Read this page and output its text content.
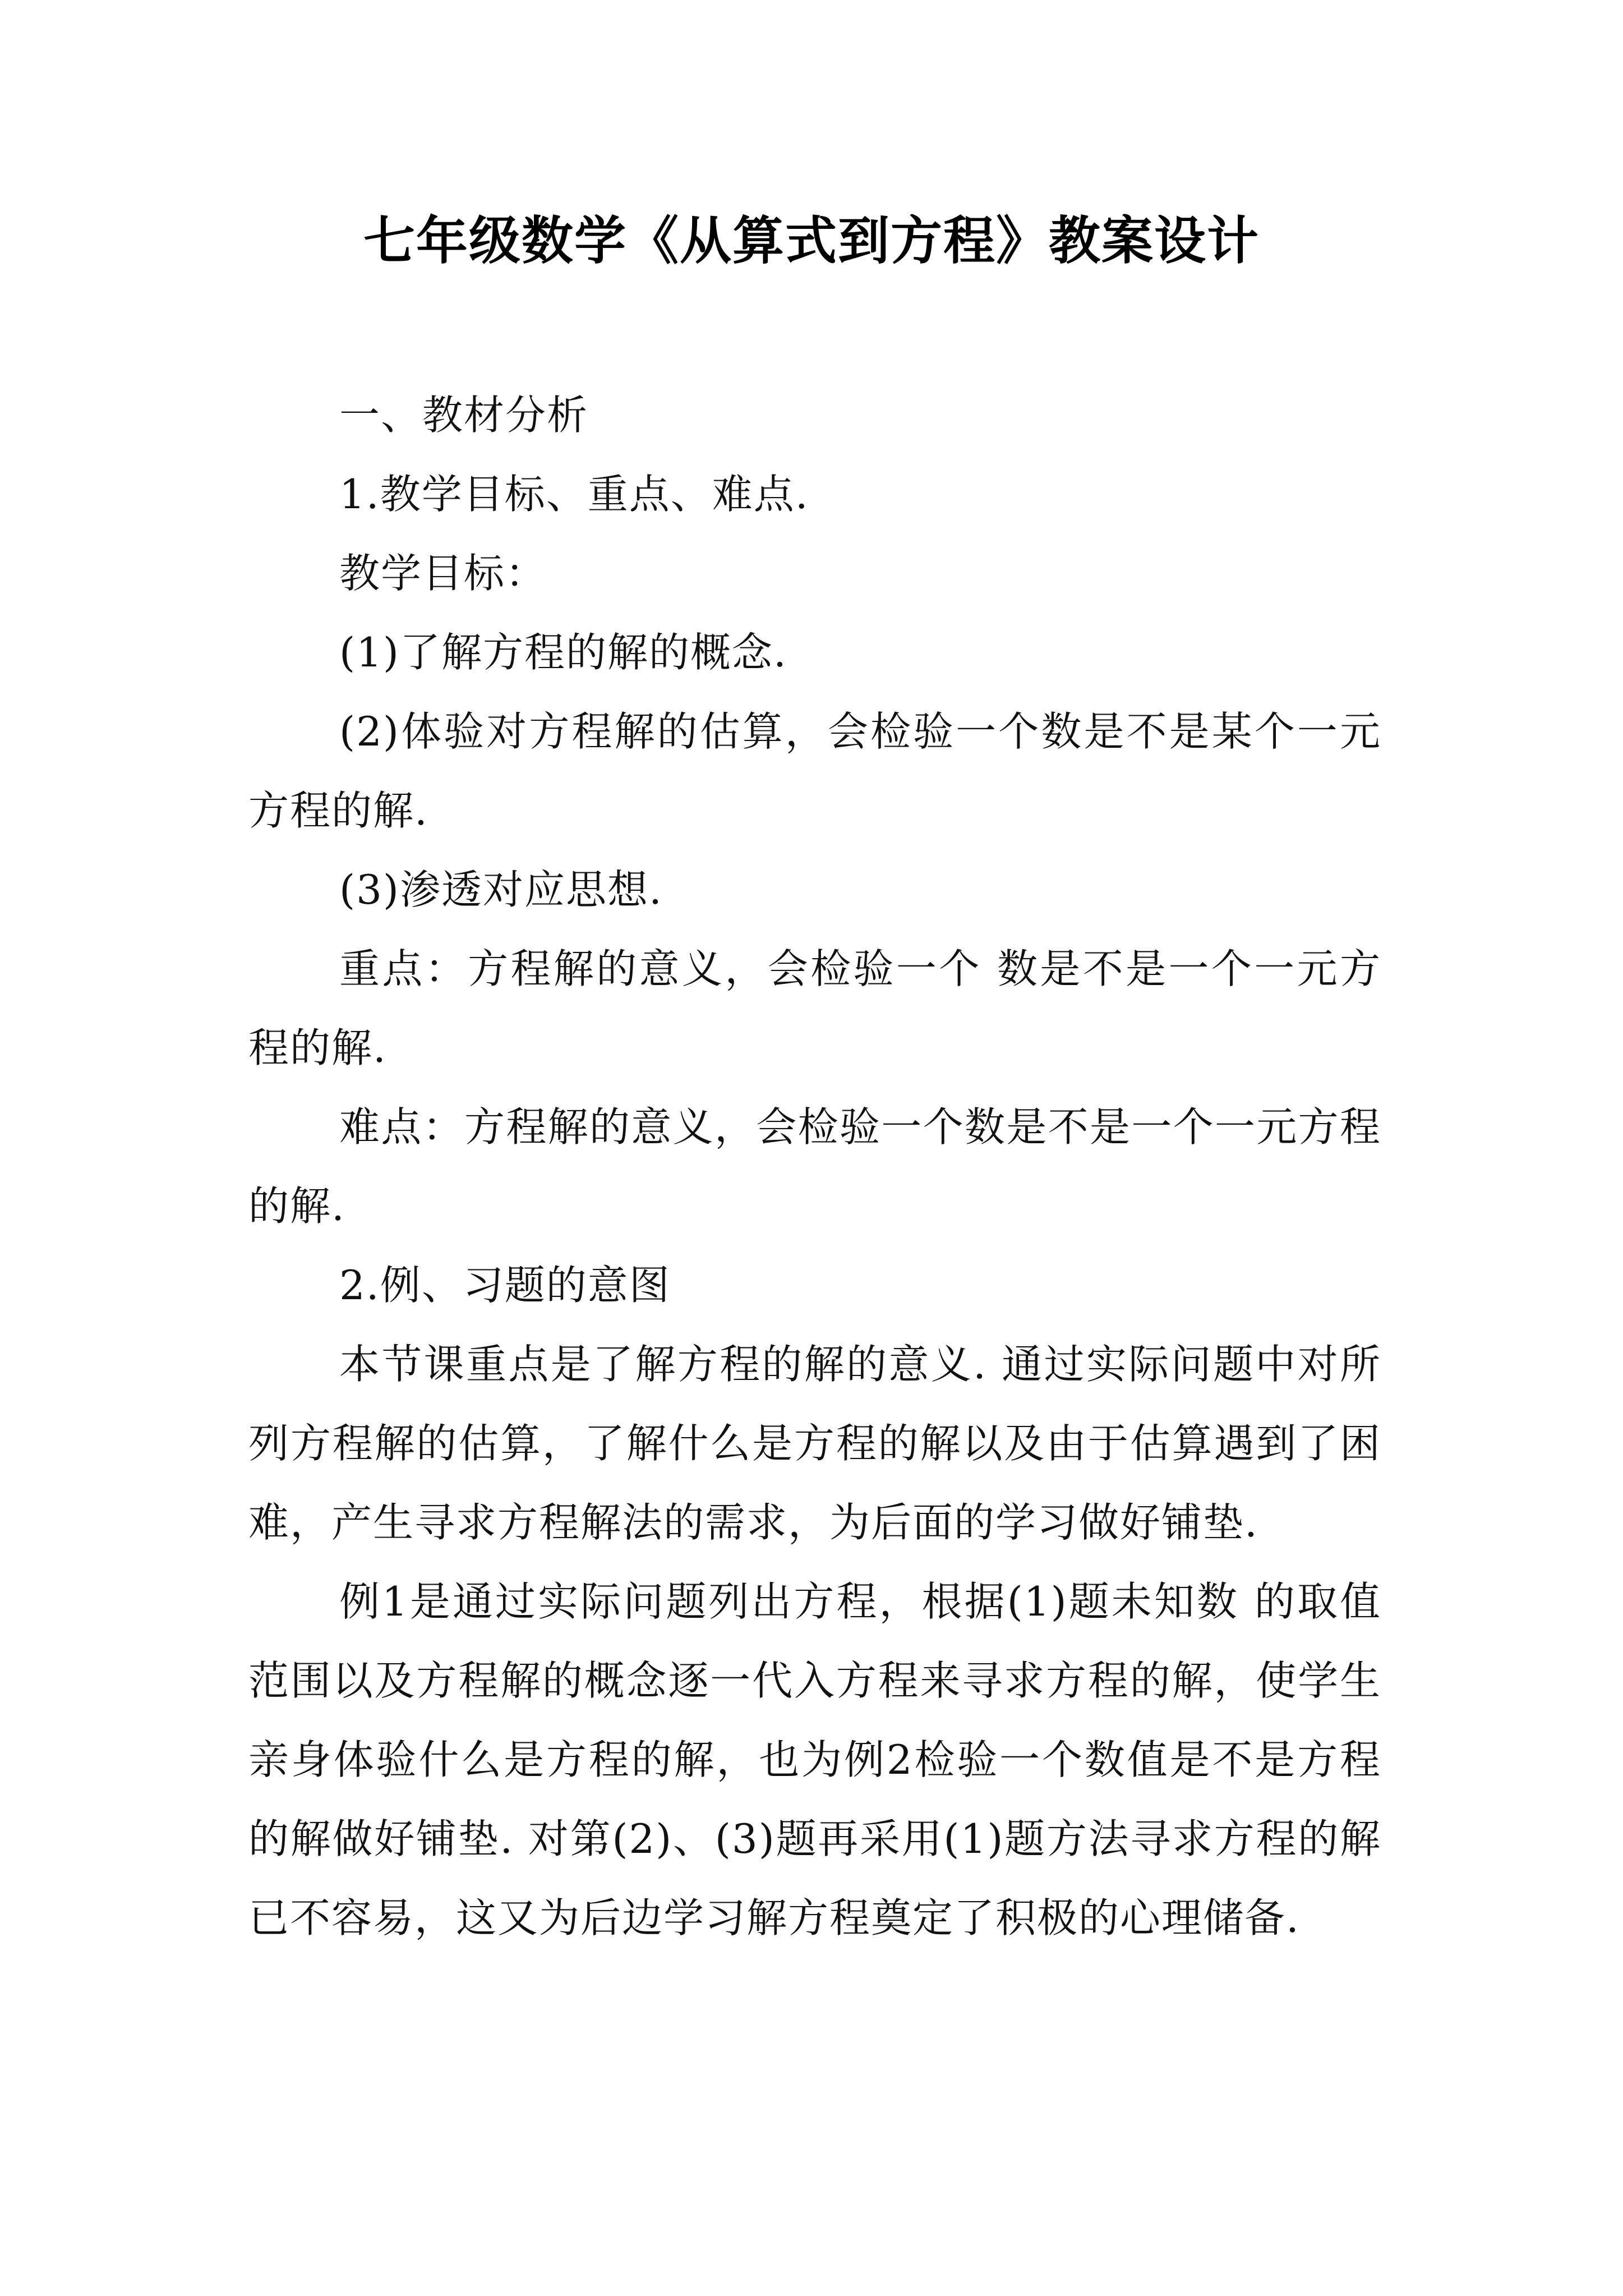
七年级数学《从算式到方程》教案设计

一、教材分析

1.教学目标、重点、难点.

教学目标：

(1)了解方程的解的概念.

(2)体验对方程解的估算，会检验一个数是不是某个一元方程的解.

(3)渗透对应思想.

重点：方程解的意义，会检验一个 数是不是一个一元方程的解.

难点：方程解的意义，会检验一个数是不是一个一元方程的解.

2.例、习题的意图

本节课重点是了解方程的解的意义. 通过实际问题中对所列方程解的估算，了解什么是方程的解以及由于估算遇到了困难，产生寻求方程解法的需求，为后面的学习做好铺垫.

例1是通过实际问题列出方程，根据(1)题未知数 的取值范围以及方程解的概念逐一代入方程来寻求方程的解，使学生亲身体验什么是方程的解，也为例2检验一个数值是不是方程的解做好铺垫. 对第(2)、(3)题再采用(1)题方法寻求方程的解已不容易，这又为后边学习解方程奠定了积极的心理储备.
